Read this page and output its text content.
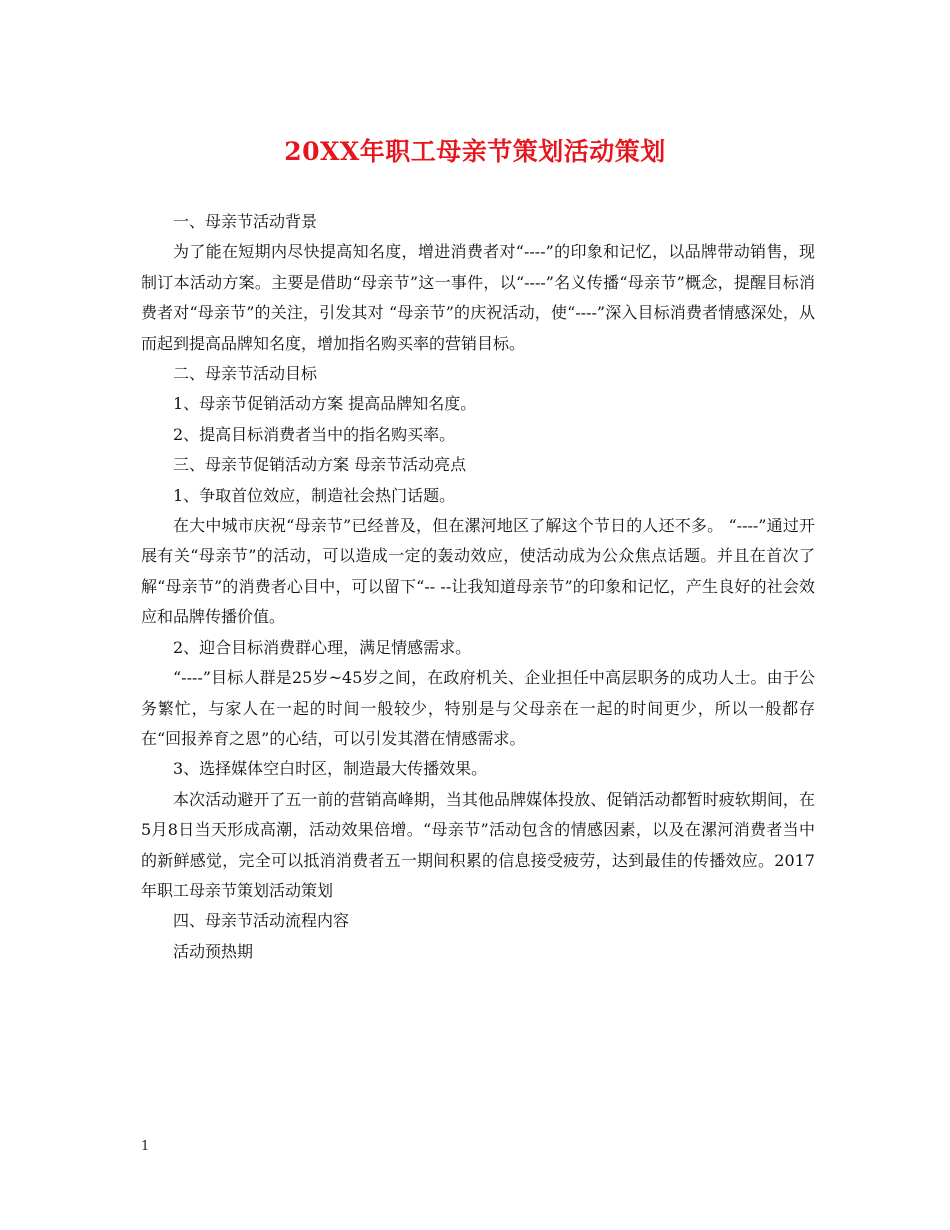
20XX年职工母亲节策划活动策划

一、母亲节活动背景

为了能在短期内尽快提高知名度，增进消费者对“----”的印象和记忆，以品牌带动销售，现制订本活动方案。主要是借助“母亲节”这一事件，以“----”名义传播“母亲节”概念，提醒目标消费者对“母亲节”的关注，引发其对 “母亲节”的庆祝活动，使“----”深入目标消费者情感深处，从而起到提高品牌知名度，增加指名购买率的营销目标。

二、母亲节活动目标

1、母亲节促销活动方案 提高品牌知名度。

2、提高目标消费者当中的指名购买率。

三、母亲节促销活动方案 母亲节活动亮点

1、争取首位效应，制造社会热门话题。

在大中城市庆祝“母亲节”已经普及，但在漯河地区了解这个节日的人还不多。 “----”通过开展有关“母亲节”的活动，可以造成一定的轰动效应，使活动成为公众焦点话题。并且在首次了解“母亲节”的消费者心目中，可以留下“-- --让我知道母亲节”的印象和记忆，产生良好的社会效应和品牌传播价值。

2、迎合目标消费群心理，满足情感需求。

“----”目标人群是25岁~45岁之间，在政府机关、企业担任中高层职务的成功人士。由于公务繁忙，与家人在一起的时间一般较少，特别是与父母亲在一起的时间更少，所以一般都存在“回报养育之恩”的心结，可以引发其潜在情感需求。

3、选择媒体空白时区，制造最大传播效果。

本次活动避开了五一前的营销高峰期，当其他品牌媒体投放、促销活动都暂时疲软期间，在5月8日当天形成高潮，活动效果倍增。“母亲节”活动包含的情感因素，以及在漯河消费者当中的新鲜感觉，完全可以抵消消费者五一期间积累的信息接受疲劳，达到最佳的传播效应。2017年职工母亲节策划活动策划

四、母亲节活动流程内容

活动预热期

1
